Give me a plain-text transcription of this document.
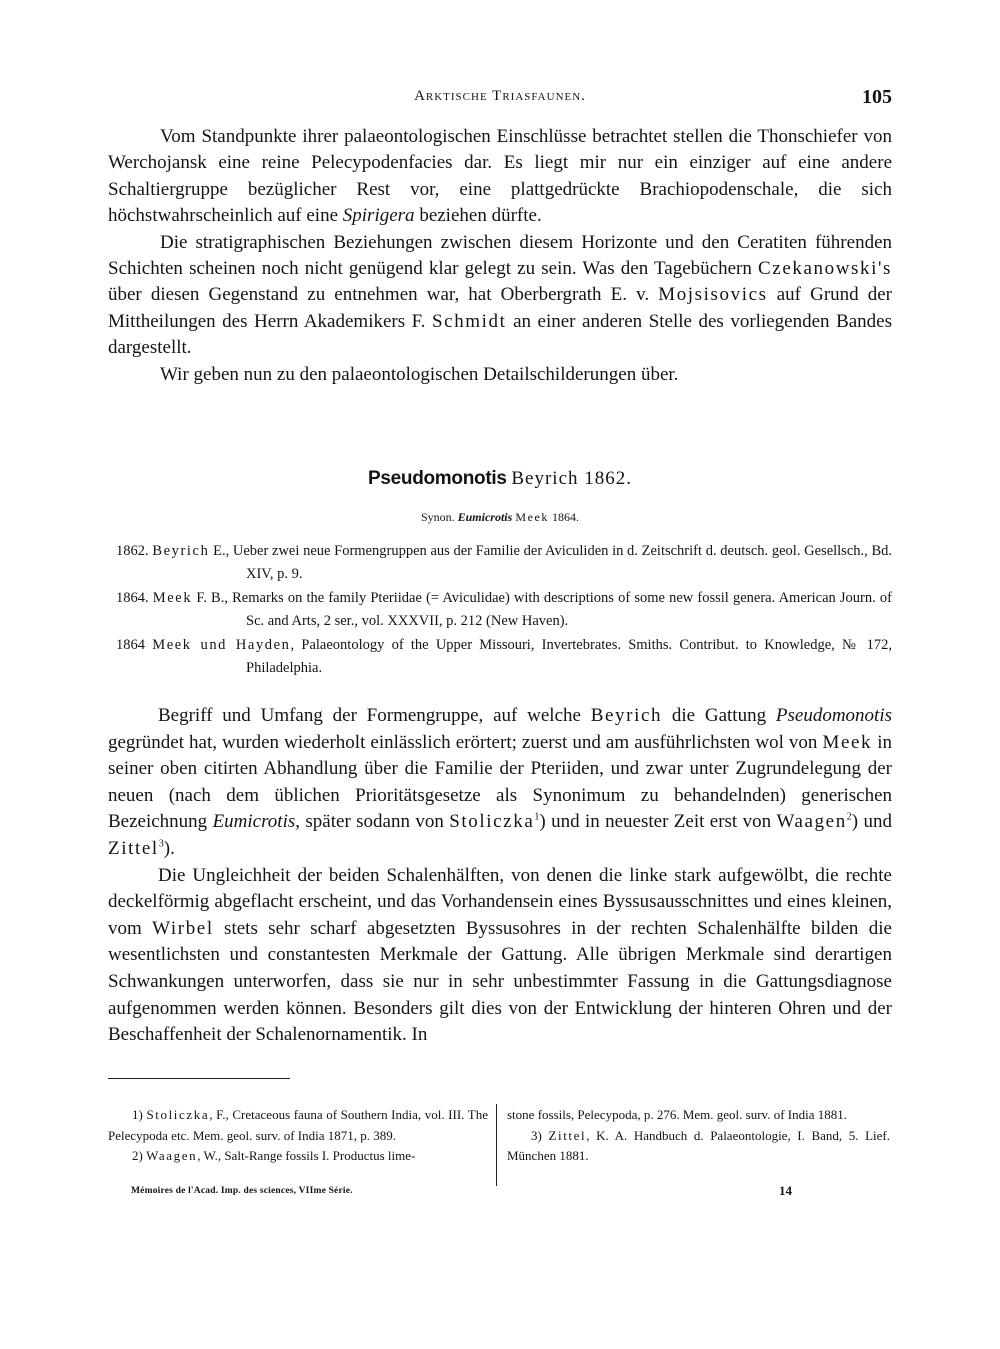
Arktische Triasfaunen.	105

Vom Standpunkte ihrer palaeontologischen Einschlüsse betrachtet stellen die Thonschiefer von Werchojansk eine reine Pelecypodenfacies dar. Es liegt mir nur ein einziger auf eine andere Schaltiergruppe bezüglicher Rest vor, eine plattgedrückte Brachiopodenschale, die sich höchstwahrscheinlich auf eine Spirigera beziehen dürfte.

Die stratigraphischen Beziehungen zwischen diesem Horizonte und den Ceratiten führenden Schichten scheinen noch nicht genügend klar gelegt zu sein. Was den Tagebüchern Czekanowski's über diesen Gegenstand zu entnehmen war, hat Oberbergrath E. v. Mojsisovics auf Grund der Mittheilungen des Herrn Akademikers F. Schmidt an einer anderen Stelle des vorliegenden Bandes dargestellt.

Wir geben nun zu den palaeontologischen Detailschilderungen über.

Pseudomonotis Beyrich 1862.
Synon. Eumicrotis Meek 1864.

1862. Beyrich E., Ueber zwei neue Formengruppen aus der Familie der Aviculiden in d. Zeitschrift d. deutsch. geol. Gesellsch., Bd. XIV, p. 9.

1864. Meek F. B., Remarks on the family Pteriidae (= Aviculidae) with descriptions of some new fossil genera. American Journ. of Sc. and Arts, 2 ser., vol. XXXVII, p. 212 (New Haven).

1864 Meek und Hayden, Palaeontology of the Upper Missouri, Invertebrates. Smiths. Contribut. to Knowledge, № 172, Philadelphia.

Begriff und Umfang der Formengruppe, auf welche Beyrich die Gattung Pseudomonotis gegründet hat, wurden wiederholt einlässlich erörtert; zuerst und am ausführlichsten wol von Meek in seiner oben citirten Abhandlung über die Familie der Pteriiden, und zwar unter Zugrundelegung der neuen (nach dem üblichen Prioritätsgesetze als Synonimum zu behandelnden) generischen Bezeichnung Eumicrotis, später sodann von Stoliczka$^1$) und in neuester Zeit erst von Waagen$^2$) und Zittel$^3$).

Die Ungleichheit der beiden Schalenhälften, von denen die linke stark aufgewölbt, die rechte deckelförmig abgeflacht erscheint, und das Vorhandensein eines Byssusausschnittes und eines kleinen, vom Wirbel stets sehr scharf abgesetzten Byssusohres in der rechten Schalenhälfte bilden die wesentlichsten und constantesten Merkmale der Gattung. Alle übrigen Merkmale sind derartigen Schwankungen unterworfen, dass sie nur in sehr unbestimmter Fassung in die Gattungsdiagnose aufgenommen werden können. Besonders gilt dies von der Entwicklung der hinteren Ohren und der Beschaffenheit der Schalenornamentik. In

1) Stoliczka, F., Cretaceous fauna of Southern India, vol. III. The Pelecypoda etc. Mem. geol. surv. of India 1871, p. 389.

2) Waagen, W., Salt-Range fossils I. Productus lime-

stone fossils, Pelecypoda, p. 276. Mem. geol. surv. of India 1881.

3) Zittel, K. A. Handbuch d. Palaeontologie, I. Band, 5. Lief. München 1881.

Mémoires de l'Acad. Imp. des sciences, VIIme Série.	14
